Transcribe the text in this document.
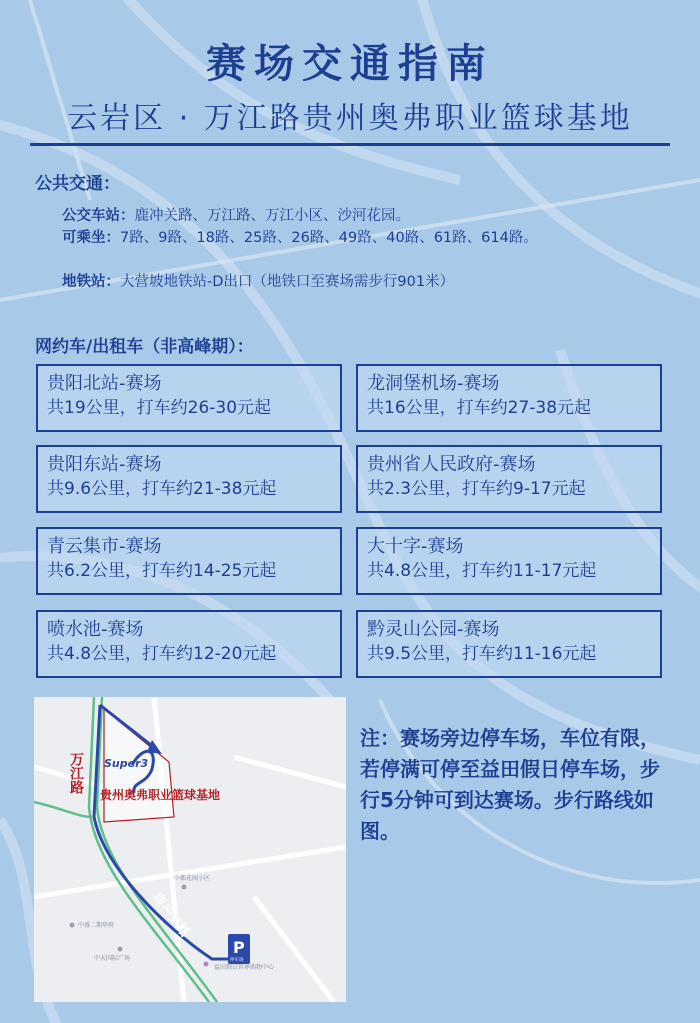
赛场交通指南
云岩区 · 万江路贵州奥弗职业篮球基地
公共交通：
公交车站：鹿冲关路、万江路、万江小区、沙河花园。
可乘坐：7路、9路、18路、25路、26路、49路、40路、61路、614路。
地铁站：大营坡地铁站-D出口（地铁口至赛场需步行901米）
网约车/出租车（非高峰期）：
贵阳北站-赛场
共19公里，打车约26-30元起
龙洞堡机场-赛场
共16公里，打车约27-38元起
贵阳东站-赛场
共9.6公里，打车约21-38元起
贵州省人民政府-赛场
共2.3公里，打车约9-17元起
青云集市-赛场
共6.2公里，打车约14-25元起
大十字-赛场
共4.8公里，打车约11-17元起
喷水池-赛场
共4.8公里，打车约12-20元起
黔灵山公园-赛场
共9.5公里，打车约11-16元起
Super3
贵州奥弗职业篮球基地
万江路
鹿冲关路
中盛二期华府
中天国际广场
益田假日世界购物中心
中都花园小区
P
停车场
注：赛场旁边停车场，车位有限，若停满可停至益田假日停车场，步行5分钟可到达赛场。步行路线如图。
